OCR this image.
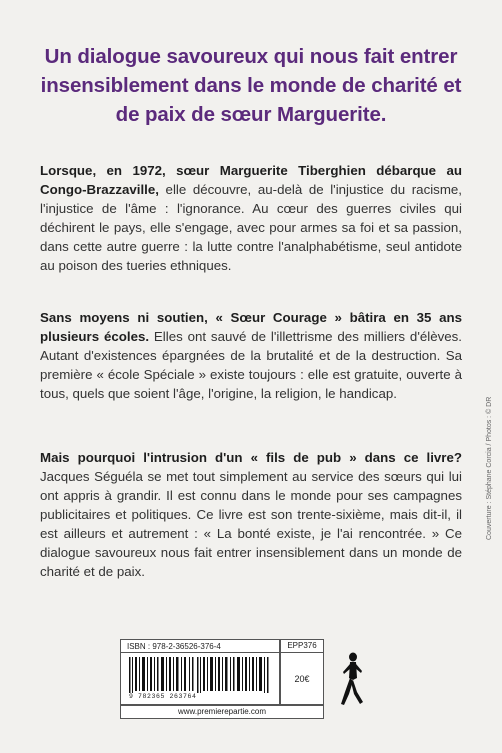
Un dialogue savoureux qui nous fait entrer insensiblement dans le monde de charité et de paix de sœur Marguerite.

Lorsque, en 1972, sœur Marguerite Tiberghien débarque au Congo-Brazzaville, elle découvre, au-delà de l'injustice du racisme, l'injustice de l'âme : l'ignorance. Au cœur des guerres civiles qui déchirent le pays, elle s'engage, avec pour armes sa foi et sa passion, dans cette autre guerre : la lutte contre l'analphabétisme, seul antidote au poison des tueries ethniques.

Sans moyens ni soutien, « Sœur Courage » bâtira en 35 ans plusieurs écoles. Elles ont sauvé de l'illettrisme des milliers d'élèves. Autant d'existences épargnées de la brutalité et de la destruction. Sa première « école Spéciale » existe toujours : elle est gratuite, ouverte à tous, quels que soient l'âge, l'origine, la religion, le handicap.

Mais pourquoi l'intrusion d'un « fils de pub » dans ce livre? Jacques Séguéla se met tout simplement au service des sœurs qui lui ont appris à grandir. Il est connu dans le monde pour ses campagnes publicitaires et politiques. Ce livre est son trente-sixième, mais dit-il, il est ailleurs et autrement : « La bonté existe, je l'ai rencontrée. » Ce dialogue savoureux nous fait entrer insensiblement dans un monde de charité et de paix.

Couverture : Stéphane Corcia / Photos : © DR
ISBN : 978-2-36526-376-4	EPP376
9 782365 263764
20€
www.premierepartie.com
